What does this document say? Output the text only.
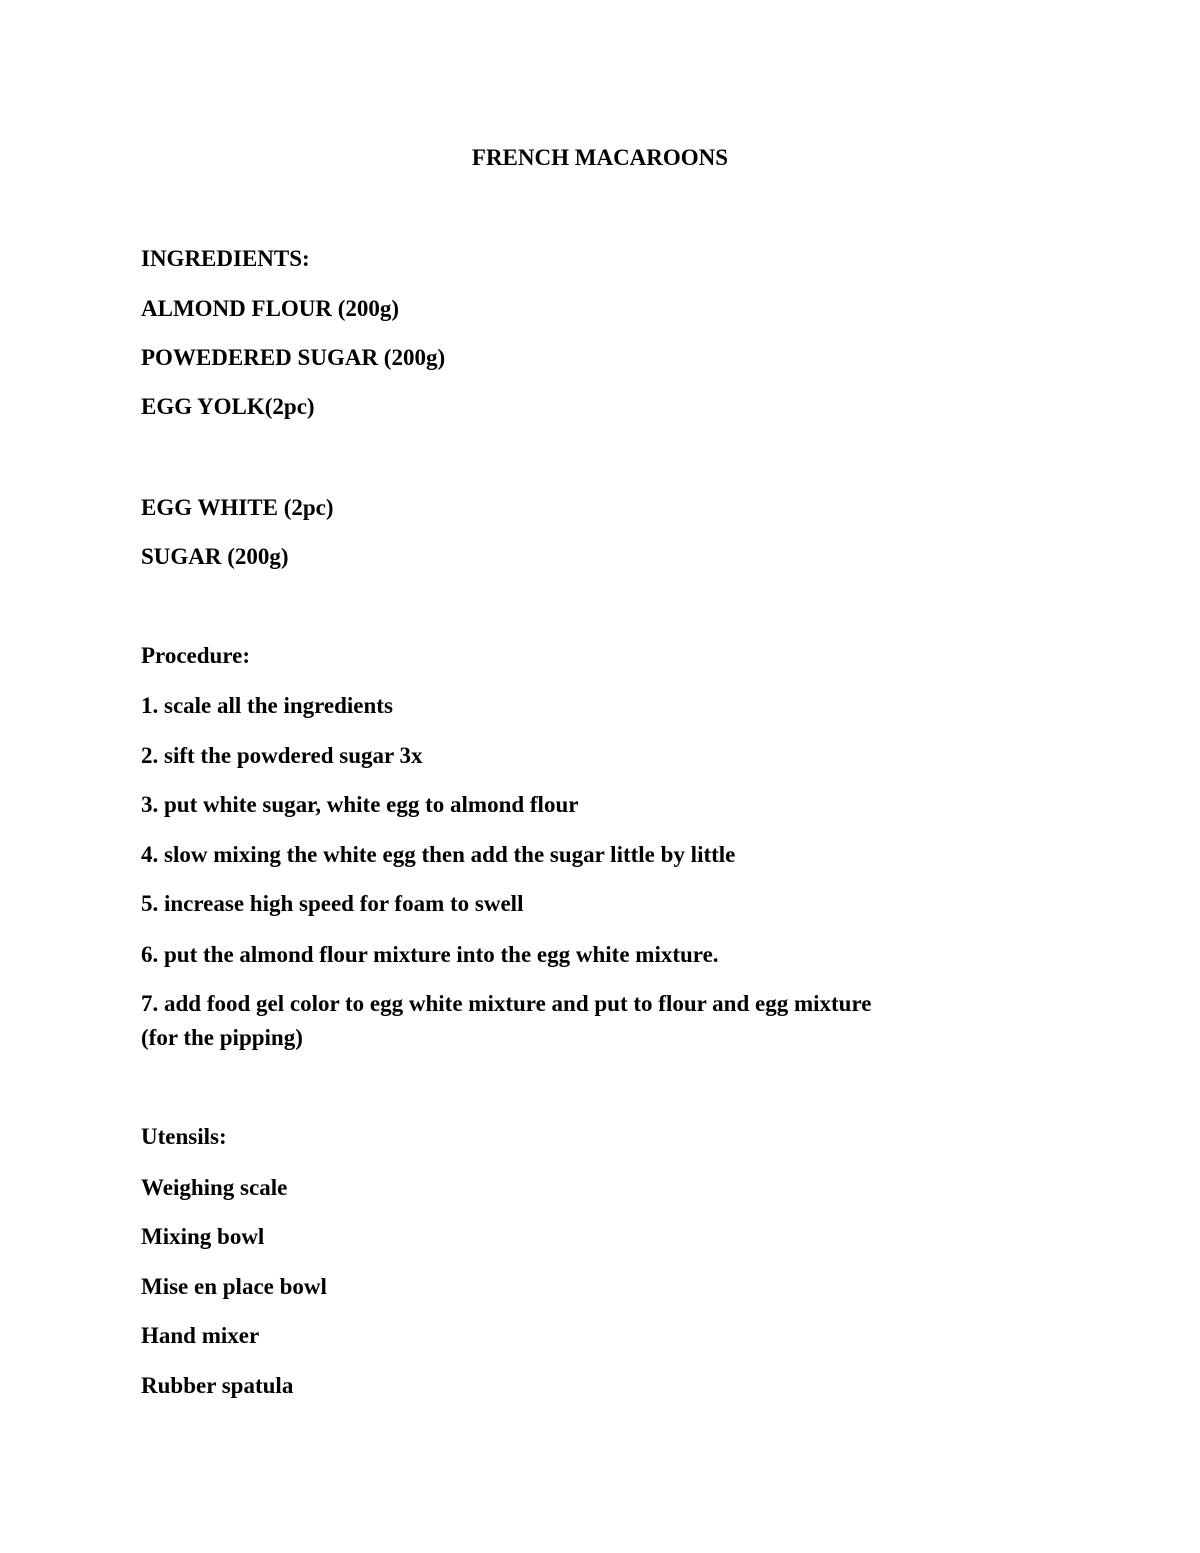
FRENCH MACAROONS
INGREDIENTS:
ALMOND FLOUR (200g)
POWEDERED SUGAR (200g)
EGG YOLK(2pc)
EGG WHITE (2pc)
SUGAR (200g)
Procedure:
1. scale all the ingredients
2. sift the powdered sugar 3x
3. put white sugar, white egg to almond flour
4. slow mixing the white egg then add the sugar little by little
5. increase high speed for foam to swell
6. put the almond flour mixture into the egg white mixture.
7. add food gel color to egg white mixture and put to flour and egg mixture
(for the pipping)
Utensils:
Weighing scale
Mixing bowl
Mise en place bowl
Hand mixer
Rubber spatula
